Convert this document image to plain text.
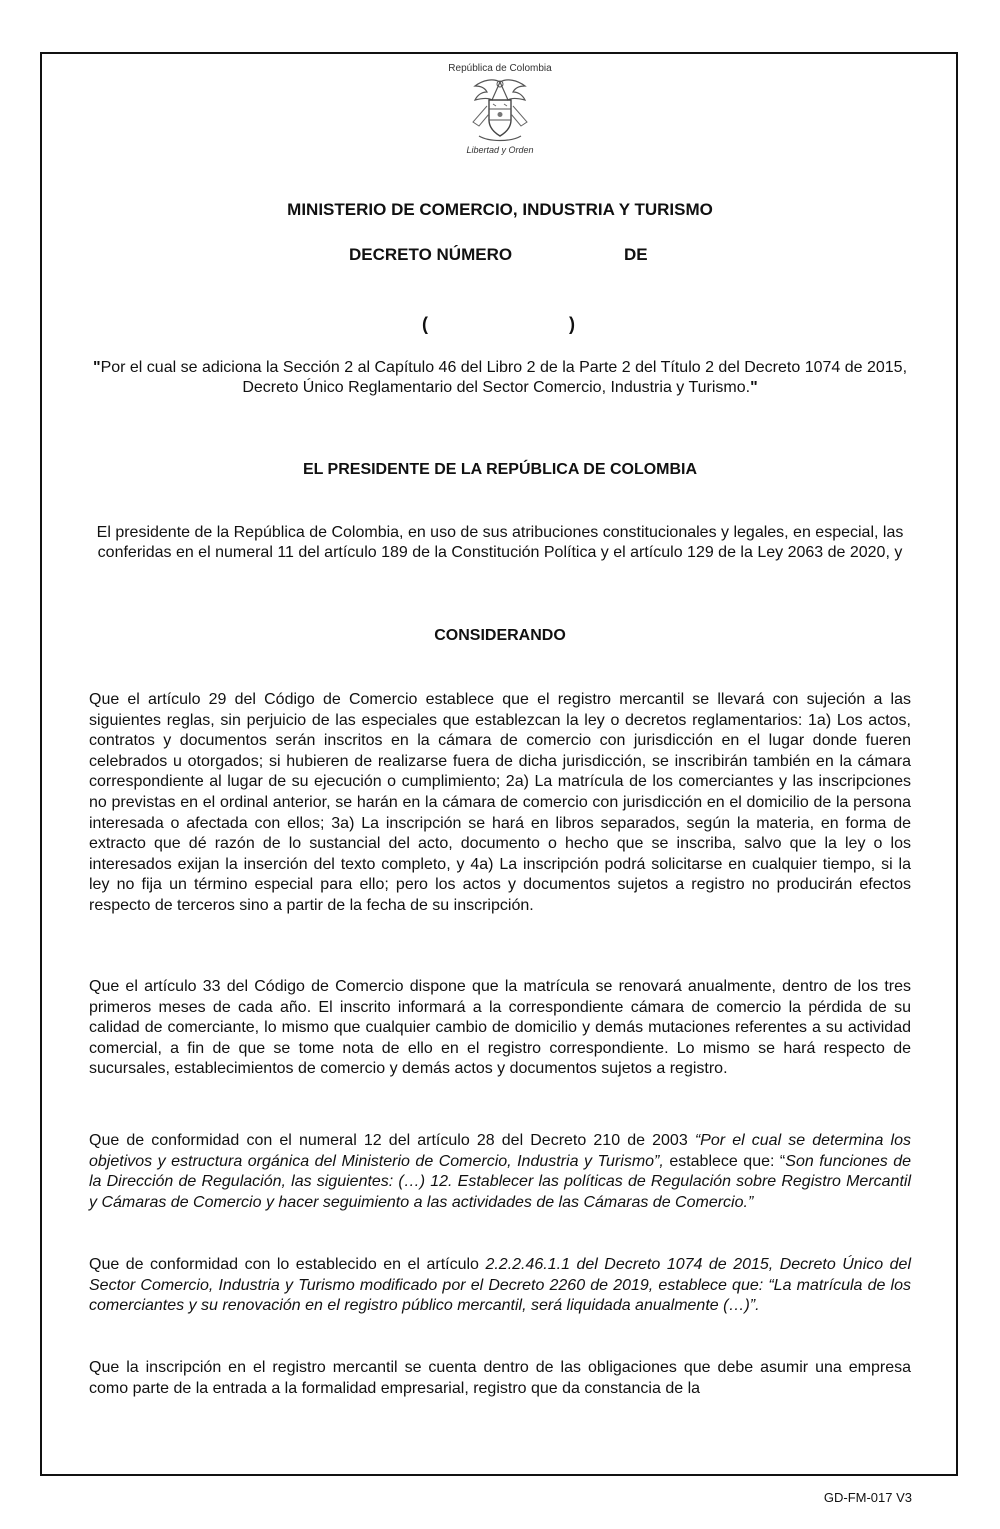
República de Colombia
Libertad y Orden
MINISTERIO DE COMERCIO, INDUSTRIA Y TURISMO
DECRETO NÚMERO	DE
(	)
"Por el cual se adiciona la Sección 2 al Capítulo 46 del Libro 2 de la Parte 2 del Título 2 del Decreto 1074 de 2015, Decreto Único Reglamentario del Sector Comercio, Industria y Turismo."
EL PRESIDENTE DE LA REPÚBLICA DE COLOMBIA
El presidente de la República de Colombia, en uso de sus atribuciones constitucionales y legales, en especial, las conferidas en el numeral 11 del artículo 189 de la Constitución Política y el artículo 129 de la Ley 2063 de 2020, y
CONSIDERANDO

Que el artículo 29 del Código de Comercio establece que el registro mercantil se llevará con sujeción a las siguientes reglas, sin perjuicio de las especiales que establezcan la ley o decretos reglamentarios: 1a) Los actos, contratos y documentos serán inscritos en la cámara de comercio con jurisdicción en el lugar donde fueren celebrados u otorgados; si hubieren de realizarse fuera de dicha jurisdicción, se inscribirán también en la cámara correspondiente al lugar de su ejecución o cumplimiento; 2a) La matrícula de los comerciantes y las inscripciones no previstas en el ordinal anterior, se harán en la cámara de comercio con jurisdicción en el domicilio de la persona interesada o afectada con ellos; 3a) La inscripción se hará en libros separados, según la materia, en forma de extracto que dé razón de lo sustancial del acto, documento o hecho que se inscriba, salvo que la ley o los interesados exijan la inserción del texto completo, y 4a) La inscripción podrá solicitarse en cualquier tiempo, si la ley no fija un término especial para ello; pero los actos y documentos sujetos a registro no producirán efectos respecto de terceros sino a partir de la fecha de su inscripción.

Que el artículo 33 del Código de Comercio dispone que la matrícula se renovará anualmente, dentro de los tres primeros meses de cada año. El inscrito informará a la correspondiente cámara de comercio la pérdida de su calidad de comerciante, lo mismo que cualquier cambio de domicilio y demás mutaciones referentes a su actividad comercial, a fin de que se tome nota de ello en el registro correspondiente. Lo mismo se hará respecto de sucursales, establecimientos de comercio y demás actos y documentos sujetos a registro.

Que de conformidad con el numeral 12 del artículo 28 del Decreto 210 de 2003 “Por el cual se determina los objetivos y estructura orgánica del Ministerio de Comercio, Industria y Turismo”, establece que: “Son funciones de la Dirección de Regulación, las siguientes: (…) 12. Establecer las políticas de Regulación sobre Registro Mercantil y Cámaras de Comercio y hacer seguimiento a las actividades de las Cámaras de Comercio.”

Que de conformidad con lo establecido en el artículo 2.2.2.46.1.1 del Decreto 1074 de 2015, Decreto Único del Sector Comercio, Industria y Turismo modificado por el Decreto 2260 de 2019, establece que: “La matrícula de los comerciantes y su renovación en el registro público mercantil, será liquidada anualmente (…)”.

Que la inscripción en el registro mercantil se cuenta dentro de las obligaciones que debe asumir una empresa como parte de la entrada a la formalidad empresarial, registro que da constancia de la

GD-FM-017 V3
